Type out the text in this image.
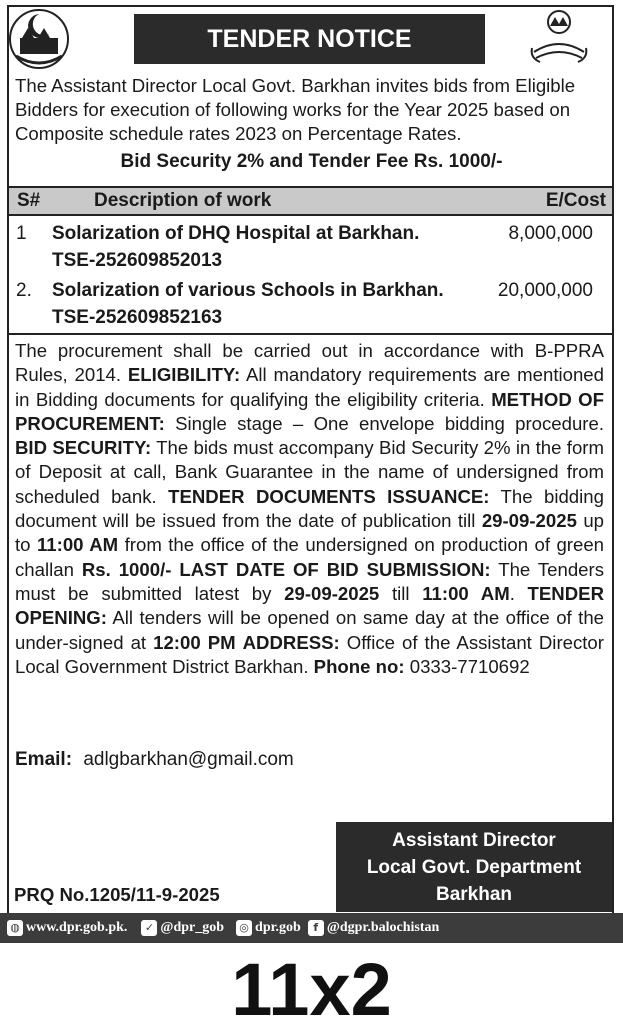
TENDER NOTICE
The Assistant Director Local Govt. Barkhan invites bids from Eligible Bidders for execution of following works for the Year 2025 based on Composite schedule rates 2023 on Percentage Rates.
Bid Security 2% and Tender Fee Rs. 1000/-
S#	Description of work	E/Cost
1 Solarization of DHQ Hospital at Barkhan.	8,000,000
TSE-252609852013
2. Solarization of various Schools in Barkhan.	20,000,000
TSE-252609852163
The procurement shall be carried out in accordance with B-PPRA Rules, 2014. ELIGIBILITY: All mandatory requirements are mentioned in Bidding documents for qualifying the eligibility criteria. METHOD OF PROCUREMENT: Single stage – One envelope bidding procedure. BID SECURITY: The bids must accompany Bid Security 2% in the form of Deposit at call, Bank Guarantee in the name of undersigned from scheduled bank. TENDER DOCUMENTS ISSUANCE: The bidding document will be issued from the date of publication till 29-09-2025 up to 11:00 AM from the office of the undersigned on production of green challan Rs. 1000/- LAST DATE OF BID SUBMISSION: The Tenders must be submitted latest by 29-09-2025 till 11:00 AM. TENDER OPENING: All tenders will be opened on same day at the office of the under-signed at 12:00 PM ADDRESS: Office of the Assistant Director Local Government District Barkhan. Phone no: 0333-7710692
Email: adlgbarkhan@gmail.com
Assistant Director
Local Govt. Department
Barkhan
PRQ No.1205/11-9-2025
◍ www.dpr.gob.pk.	✓ @dpr_gob ◎ dpr.gob	f @dgpr.balochistan
11x2
